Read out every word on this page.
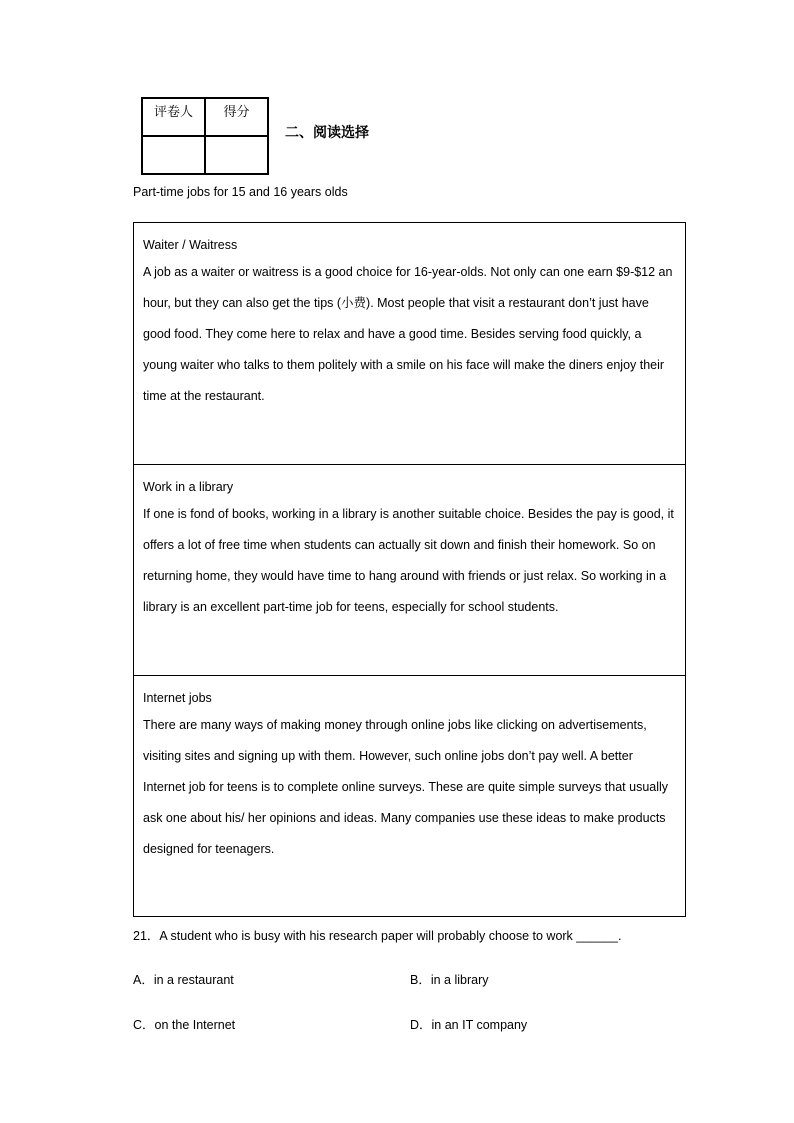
评卷人	得分

二、阅读选择
Part-time jobs for 15 and 16 years olds
Waiter / Waitress
A job as a waiter or waitress is a good choice for 16-year-olds. Not only can one earn $9-$12 an hour, but they can also get the tips (小费). Most people that visit a restaurant don’t just have good food. They come here to relax and have a good time. Besides serving food quickly, a young waiter who talks to them politely with a smile on his face will make the diners enjoy their time at the restaurant.
Work in a library
If one is fond of books, working in a library is another suitable choice. Besides the pay is good, it offers a lot of free time when students can actually sit down and finish their homework. So on returning home, they would have time to hang around with friends or just relax. So working in a library is an excellent part-time job for teens, especially for school students.
Internet jobs
There are many ways of making money through online jobs like clicking on advertisements, visiting sites and signing up with them. However, such online jobs don’t pay well. A better Internet job for teens is to complete online surveys. These are quite simple surveys that usually ask one about his/ her opinions and ideas. Many companies use these ideas to make products designed for teenagers.
21．A student who is busy with his research paper will probably choose to work ______.
A．in a restaurant	B．in a library
C．on the Internet	D．in an IT company
